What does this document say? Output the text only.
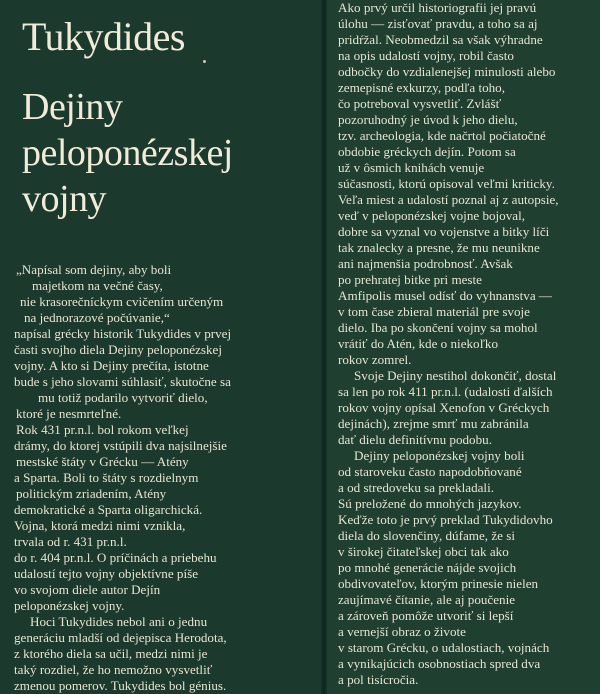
Tukydides
Dejiny
peloponézskej
vojny
„Napísal som dejiny, aby boli
majetkom na večné časy,
nie krasorečníckym cvičením určeným
na jednorazové počúvanie,“
napísal grécky historik Tukydides v prvej
časti svojho diela Dejiny peloponézskej
vojny. A kto si Dejiny prečíta, istotne
bude s jeho slovami súhlasiť, skutočne sa
mu totiž podarilo vytvoriť dielo,
ktoré je nesmrteľné.
Rok 431 pr.n.l. bol rokom veľkej
drámy, do ktorej vstúpili dva najsilnejšie
mestské štáty v Grécku — Atény
a Sparta. Boli to štáty s rozdielnym
politickým zriadením, Atény
demokratické a Sparta oligarchická.
Vojna, ktorá medzi nimi vznikla,
trvala od r. 431 pr.n.l.
do r. 404 pr.n.l. O príčinách a priebehu
udalostí tejto vojny objektívne píše
vo svojom diele autor Dejín
peloponézskej vojny.
Hoci Tukydides nebol ani o jednu
generáciu mladší od dejepisca Herodota,
z ktorého diela sa učil, medzi nimi je
taký rozdiel, že ho nemožno vysvetliť
zmenou pomerov. Tukydides bol génius.
Ako prvý určil historiografii jej pravú
úlohu — zisťovať pravdu, a toho sa aj
pridŕžal. Neobmedzil sa však výhradne
na opis udalostí vojny, robil často
odbočky do vzdialenejšej minulosti alebo
zemepisné exkurzy, podľa toho,
čo potreboval vysvetliť. Zvlášť
pozoruhodný je úvod k jeho dielu,
tzv. archeologia, kde načrtol počiatočné
obdobie gréckych dejín. Potom sa
už v ôsmich knihách venuje
súčasnosti, ktorú opisoval veľmi kriticky.
Veľa miest a udalostí poznal aj z autopsie,
veď v peloponézskej vojne bojoval,
dobre sa vyznal vo vojenstve a bitky líči
tak znalecky a presne, že mu neunikne
ani najmenšia podrobnosť. Avšak
po prehratej bitke pri meste
Amfipolis musel odísť do vyhnanstva —
v tom čase zbieral materiál pre svoje
dielo. Iba po skončení vojny sa mohol
vrátiť do Atén, kde o niekoľko
rokov zomrel.
Svoje Dejiny nestihol dokončiť, dostal
sa len po rok 411 pr.n.l. (udalosti ďalších
rokov vojny opísal Xenofon v Gréckych
dejinách), zrejme smrť mu zabránila
dať dielu definitívnu podobu.
Dejiny peloponézskej vojny boli
od staroveku často napodobňované
a od stredoveku sa prekladali.
Sú preložené do mnohých jazykov.
Keďže toto je prvý preklad Tukydidovho
diela do slovenčiny, dúfame, že si
v širokej čitateľskej obci tak ako
po mnohé generácie nájde svojich
obdivovateľov, ktorým prinesie nielen
zaujímavé čítanie, ale aj poučenie
a zároveň pomôže utvoriť si lepší
a vernejší obraz o živote
v starom Grécku, o udalostiach, vojnách
a vynikajúcich osobnostiach spred dva
a pol tisícročia.
